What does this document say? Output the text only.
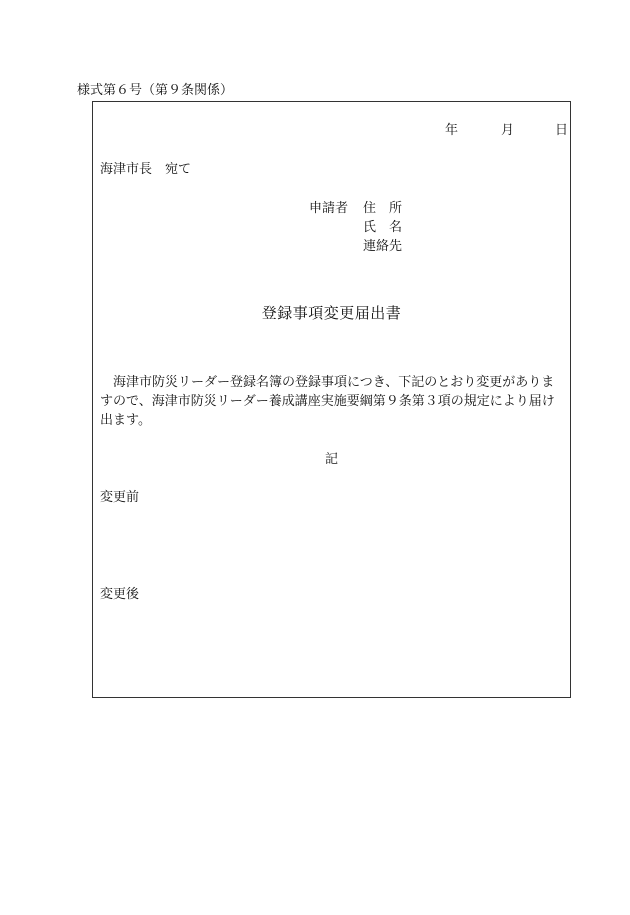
様式第６号（第９条関係）
年	月	日
海津市長　宛て
申請者 住　所
氏　名
連絡先
登録事項変更届出書
海津市防災リーダー登録名簿の登録事項につき、下記のとおり変更がありますので、海津市防災リーダー養成講座実施要綱第９条第３項の規定により届け出ます。
記
変更前
変更後
